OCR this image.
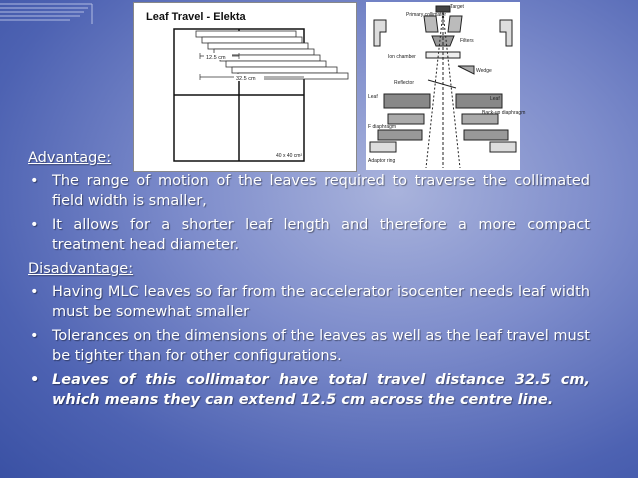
Leaf Travel - Elekta

12.5 cm
32.5 cm
40 x 40 cm²
Target
Primary collimator
Filters
Ion chamber
Wedge
Reflector
Leaf	Leaf
Back-up diaphragm
F diaphragm
Adaptor ring

Advantage:

• The range of motion of the leaves required to traverse the collimated field width is smaller,
• It allows for a shorter leaf length and therefore a more compact treatment head diameter.

Disadvantage:

• Having MLC leaves so far from the accelerator isocenter needs leaf width must be somewhat smaller
• Tolerances on the dimensions of the leaves as well as the leaf travel must be tighter than for other configurations.
• Leaves of this collimator have total travel distance 32.5 cm, which means they can extend 12.5 cm across the centre line.
